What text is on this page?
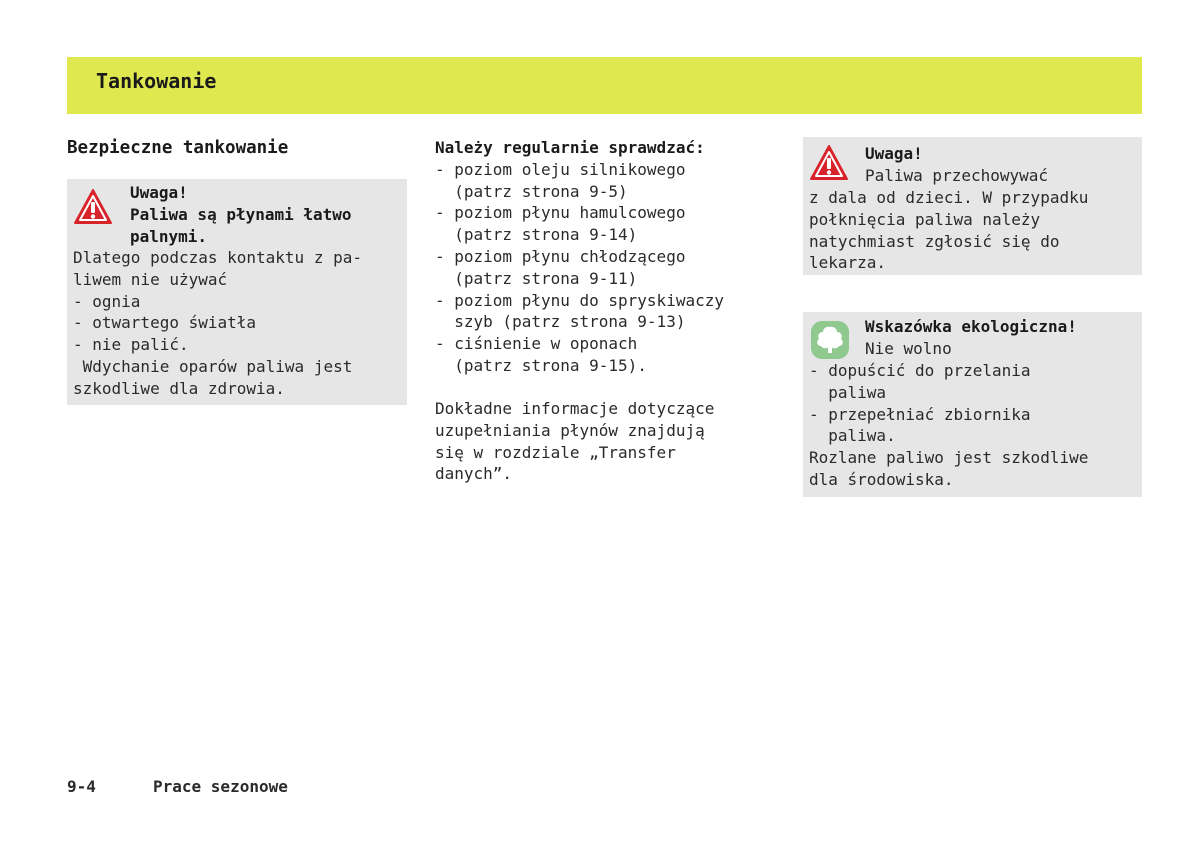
Tankowanie
Bezpieczne tankowanie
Uwaga!
Paliwa są płynami łatwo
palnymi.
Dlatego podczas kontaktu z pa-
liwem nie używać
- ognia
- otwartego światła
- nie palić.
Wdychanie oparów paliwa jest
szkodliwe dla zdrowia.
Należy regularnie sprawdzać:
- poziom oleju silnikowego
(patrz strona 9-5)
- poziom płynu hamulcowego
(patrz strona 9-14)
- poziom płynu chłodzącego
(patrz strona 9-11)
- poziom płynu do spryskiwaczy
szyb (patrz strona 9-13)
- ciśnienie w oponach
(patrz strona 9-15).
Dokładne informacje dotyczące
uzupełniania płynów znajdują
się w rozdziale „Transfer
danych”.
Uwaga!
Paliwa przechowywać
z dala od dzieci. W przypadku
połknięcia paliwa należy
natychmiast zgłosić się do
lekarza.
Wskazówka ekologiczna!
Nie wolno
- dopuścić do przelania
paliwa
- przepełniać zbiornika
paliwa.
Rozlane paliwo jest szkodliwe
dla środowiska.
9-4	Prace sezonowe
